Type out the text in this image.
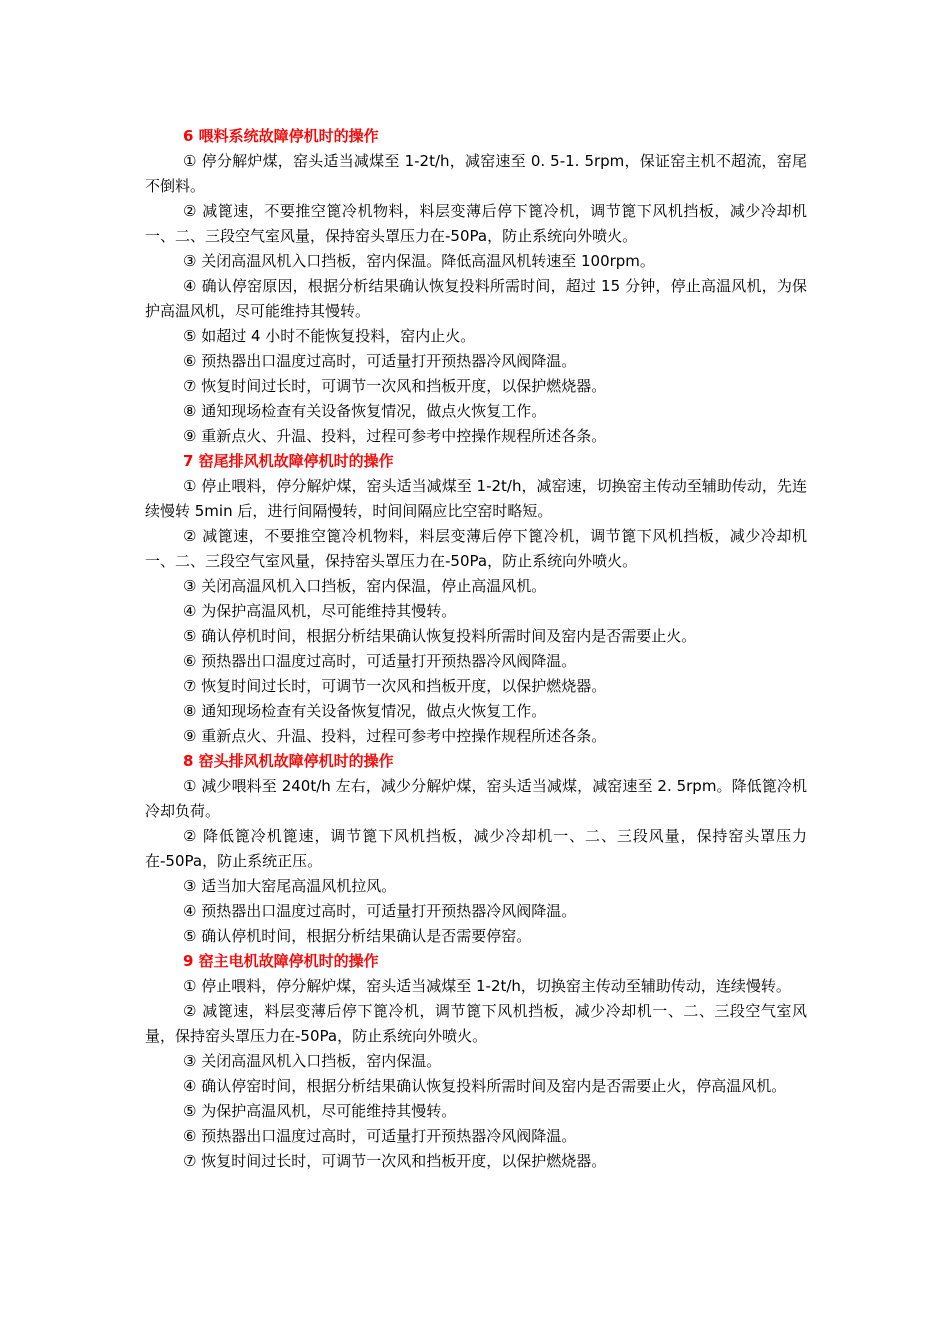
6 喂料系统故障停机时的操作

① 停分解炉煤，窑头适当减煤至 1-2t/h，减窑速至 0. 5-1. 5rpm，保证窑主机不超流，窑尾不倒料。

② 减篦速，不要推空篦冷机物料，料层变薄后停下篦冷机，调节篦下风机挡板，减少冷却机一、二、三段空气室风量，保持窑头罩压力在-50Pa，防止系统向外喷火。

③ 关闭高温风机入口挡板，窑内保温。降低高温风机转速至 100rpm。

④ 确认停窑原因，根据分析结果确认恢复投料所需时间，超过 15 分钟，停止高温风机，为保护高温风机，尽可能维持其慢转。

⑤ 如超过 4 小时不能恢复投料，窑内止火。

⑥ 预热器出口温度过高时，可适量打开预热器冷风阀降温。

⑦ 恢复时间过长时，可调节一次风和挡板开度，以保护燃烧器。

⑧ 通知现场检查有关设备恢复情况，做点火恢复工作。

⑨ 重新点火、升温、投料，过程可参考中控操作规程所述各条。

7 窑尾排风机故障停机时的操作

① 停止喂料，停分解炉煤，窑头适当减煤至 1-2t/h，减窑速，切换窑主传动至辅助传动，先连续慢转 5min 后，进行间隔慢转，时间间隔应比空窑时略短。

② 减篦速，不要推空篦冷机物料，料层变薄后停下篦冷机，调节篦下风机挡板，减少冷却机一、二、三段空气室风量，保持窑头罩压力在-50Pa，防止系统向外喷火。

③ 关闭高温风机入口挡板，窑内保温，停止高温风机。

④ 为保护高温风机，尽可能维持其慢转。

⑤ 确认停机时间，根据分析结果确认恢复投料所需时间及窑内是否需要止火。

⑥ 预热器出口温度过高时，可适量打开预热器冷风阀降温。

⑦ 恢复时间过长时，可调节一次风和挡板开度，以保护燃烧器。

⑧ 通知现场检查有关设备恢复情况，做点火恢复工作。

⑨ 重新点火、升温、投料，过程可参考中控操作规程所述各条。

8 窑头排风机故障停机时的操作

① 减少喂料至 240t/h 左右，减少分解炉煤，窑头适当减煤，减窑速至 2. 5rpm。降低篦冷机冷却负荷。

② 降低篦冷机篦速，调节篦下风机挡板，减少冷却机一、二、三段风量，保持窑头罩压力在-50Pa，防止系统正压。

③ 适当加大窑尾高温风机拉风。

④ 预热器出口温度过高时，可适量打开预热器冷风阀降温。

⑤ 确认停机时间，根据分析结果确认是否需要停窑。

9 窑主电机故障停机时的操作

① 停止喂料，停分解炉煤，窑头适当减煤至 1-2t/h，切换窑主传动至辅助传动，连续慢转。

② 减篦速，料层变薄后停下篦冷机，调节篦下风机挡板，减少冷却机一、二、三段空气室风量，保持窑头罩压力在-50Pa，防止系统向外喷火。

③ 关闭高温风机入口挡板，窑内保温。

④ 确认停窑时间，根据分析结果确认恢复投料所需时间及窑内是否需要止火，停高温风机。

⑤ 为保护高温风机，尽可能维持其慢转。

⑥ 预热器出口温度过高时，可适量打开预热器冷风阀降温。

⑦ 恢复时间过长时，可调节一次风和挡板开度，以保护燃烧器。
